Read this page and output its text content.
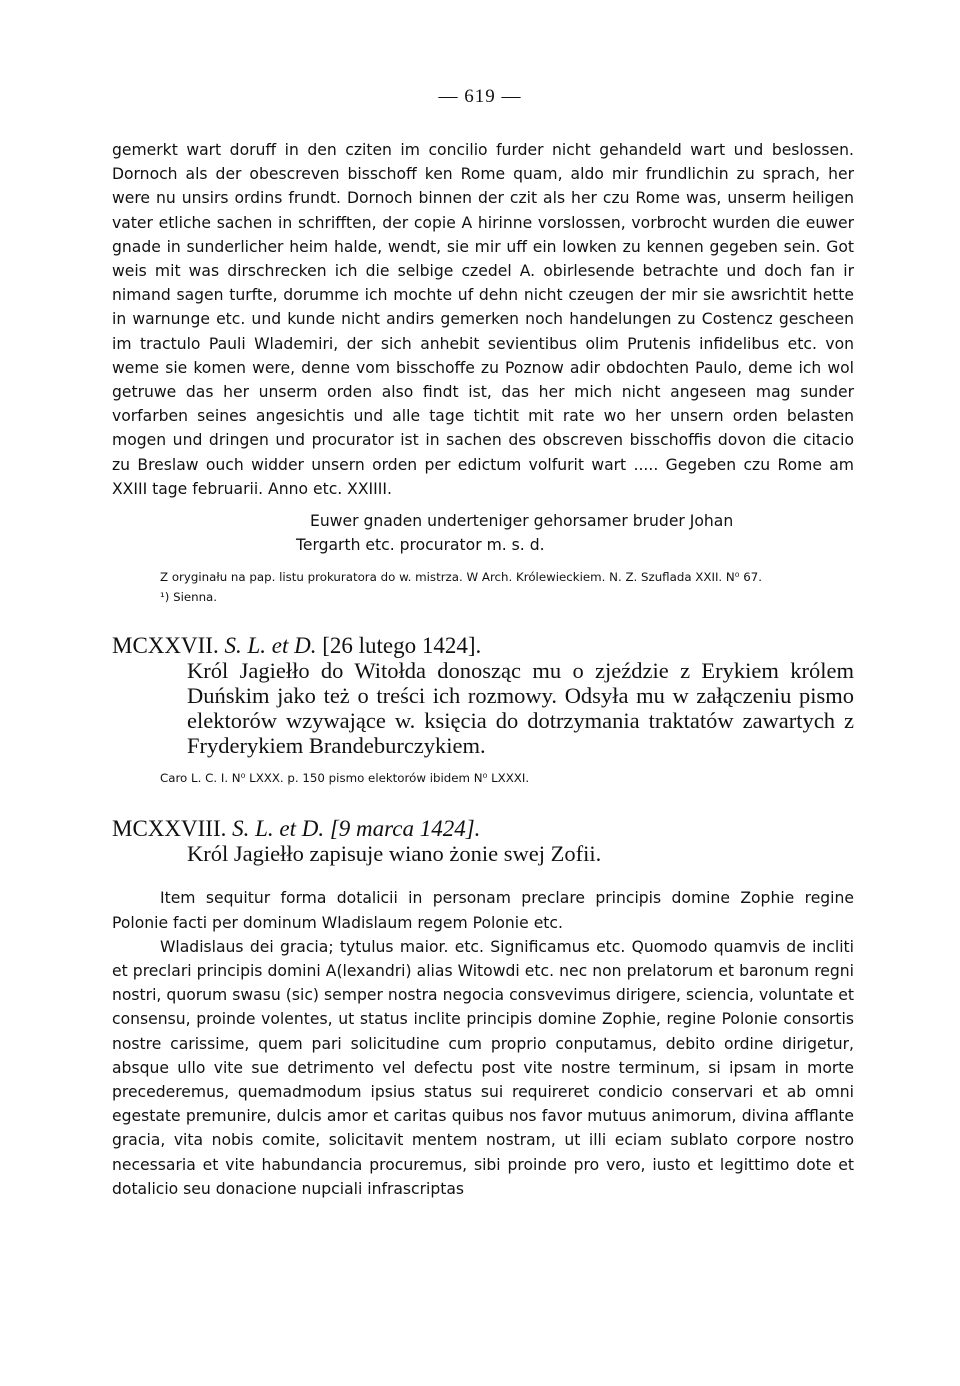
— 619 —

gemerkt wart doruff in den cziten im concilio furder nicht gehandeld wart und beslossen. Dornoch als der obescreven bisschoff ken Rome quam, aldo mir frundlichin zu sprach, her were nu unsirs ordins frundt. Dornoch binnen der czit als her czu Rome was, unserm heiligen vater etliche sachen in schrifften, der copie A hirinne vorslossen, vorbrocht wurden die euwer gnade in sunderlicher heim halde, wendt, sie mir uff ein lowken zu kennen gegeben sein. Got weis mit was dirschrecken ich die selbige czedel A. obirlesende betrachte und doch fan ir nimand sagen turfte, dorumme ich mochte uf dehn nicht czeugen der mir sie awsrichtit hette in warnunge etc. und kunde nicht andirs gemerken noch handelungen zu Costencz gescheen im tractulo Pauli Wlademiri, der sich anhebit sevientibus olim Prutenis infidelibus etc. von weme sie komen were, denne vom bisschoffe zu Poznow adir obdochten Paulo, deme ich wol getruwe das her unserm orden also findt ist, das her mich nicht angeseen mag sunder vorfarben seines angesichtis und alle tage tichtit mit rate wo her unsern orden belasten mogen und dringen und procurator ist in sachen des obscreven bisschoffis dovon die citacio zu Breslaw ouch widder unsern orden per edictum volfurit wart ..... Gegeben czu Rome am XXIII tage februarii. Anno etc. XXIIII.

Euwer gnaden underteniger gehorsamer bruder Johan
Tergarth etc. procurator m. s. d.

Z oryginału na pap. listu prokuratora do w. mistrza. W Arch. Królewieckiem. N. Z. Szuflada XXII. N⁰ 67.

¹) Sienna.

MCXXVII. S. L. et D. [26 lutego 1424].

Król Jagiełło do Witołda donosząc mu o zjeździe z Erykiem królem Duńskim jako też o treści ich rozmowy. Odsyła mu w załączeniu pismo elektorów wzywające w. księcia do dotrzymania traktatów zawartych z Fryderykiem Brandeburczykiem.

Caro L. C. I. N⁰ LXXX. p. 150 pismo elektorów ibidem N⁰ LXXXI.

MCXXVIII. S. L. et D. [9 marca 1424].

Król Jagiełło zapisuje wiano żonie swej Zofii.

Item sequitur forma dotalicii in personam preclare principis domine Zophie regine Polonie facti per dominum Wladislaum regem Polonie etc.

Wladislaus dei gracia; tytulus maior. etc. Significamus etc. Quomodo quamvis de incliti et preclari principis domini A(lexandri) alias Witowdi etc. nec non prelatorum et baronum regni nostri, quorum swasu (sic) semper nostra negocia consvevimus dirigere, sciencia, voluntate et consensu, proinde volentes, ut status inclite principis domine Zophie, regine Polonie consortis nostre carissime, quem pari solicitudine cum proprio conputamus, debito ordine dirigetur, absque ullo vite sue detrimento vel defectu post vite nostre terminum, si ipsam in morte precederemus, quemadmodum ipsius status sui requireret condicio conservari et ab omni egestate premunire, dulcis amor et caritas quibus nos favor mutuus animorum, divina afflante gracia, vita nobis comite, solicitavit mentem nostram, ut illi eciam sublato corpore nostro necessaria et vite habundancia procuremus, sibi proinde pro vero, iusto et legittimo dote et dotalicio seu donacione nupciali infrascriptas
